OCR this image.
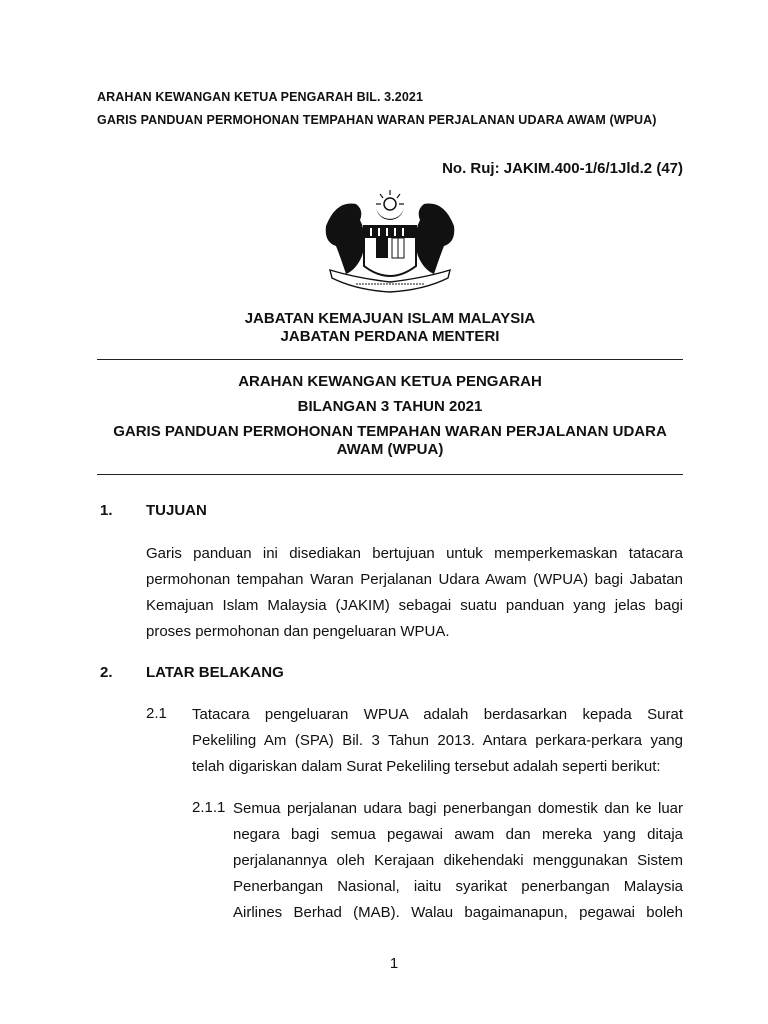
ARAHAN KEWANGAN KETUA PENGARAH BIL. 3.2021
GARIS PANDUAN PERMOHONAN TEMPAHAN WARAN PERJALANAN UDARA AWAM (WPUA)
No. Ruj: JAKIM.400-1/6/1Jld.2 (47)
JABATAN KEMAJUAN ISLAM MALAYSIA
JABATAN PERDANA MENTERI
ARAHAN KEWANGAN KETUA PENGARAH
BILANGAN 3 TAHUN 2021
GARIS PANDUAN PERMOHONAN TEMPAHAN WARAN PERJALANAN UDARA
AWAM (WPUA)
1. TUJUAN
Garis panduan ini disediakan bertujuan untuk memperkemaskan tatacara
permohonan tempahan Waran Perjalanan Udara Awam (WPUA) bagi Jabatan
Kemajuan Islam Malaysia (JAKIM) sebagai suatu panduan yang jelas bagi
proses permohonan dan pengeluaran WPUA.
2. LATAR BELAKANG
2.1 Tatacara pengeluaran WPUA adalah berdasarkan kepada Surat
Pekeliling Am (SPA) Bil. 3 Tahun 2013. Antara perkara-perkara yang
telah digariskan dalam Surat Pekeliling tersebut adalah seperti berikut:
2.1.1 Semua perjalanan udara bagi penerbangan domestik dan ke luar
negara bagi semua pegawai awam dan mereka yang ditaja
perjalanannya oleh Kerajaan dikehendaki menggunakan Sistem
Penerbangan Nasional, iaitu syarikat penerbangan Malaysia
Airlines Berhad (MAB). Walau bagaimanapun, pegawai boleh
1
